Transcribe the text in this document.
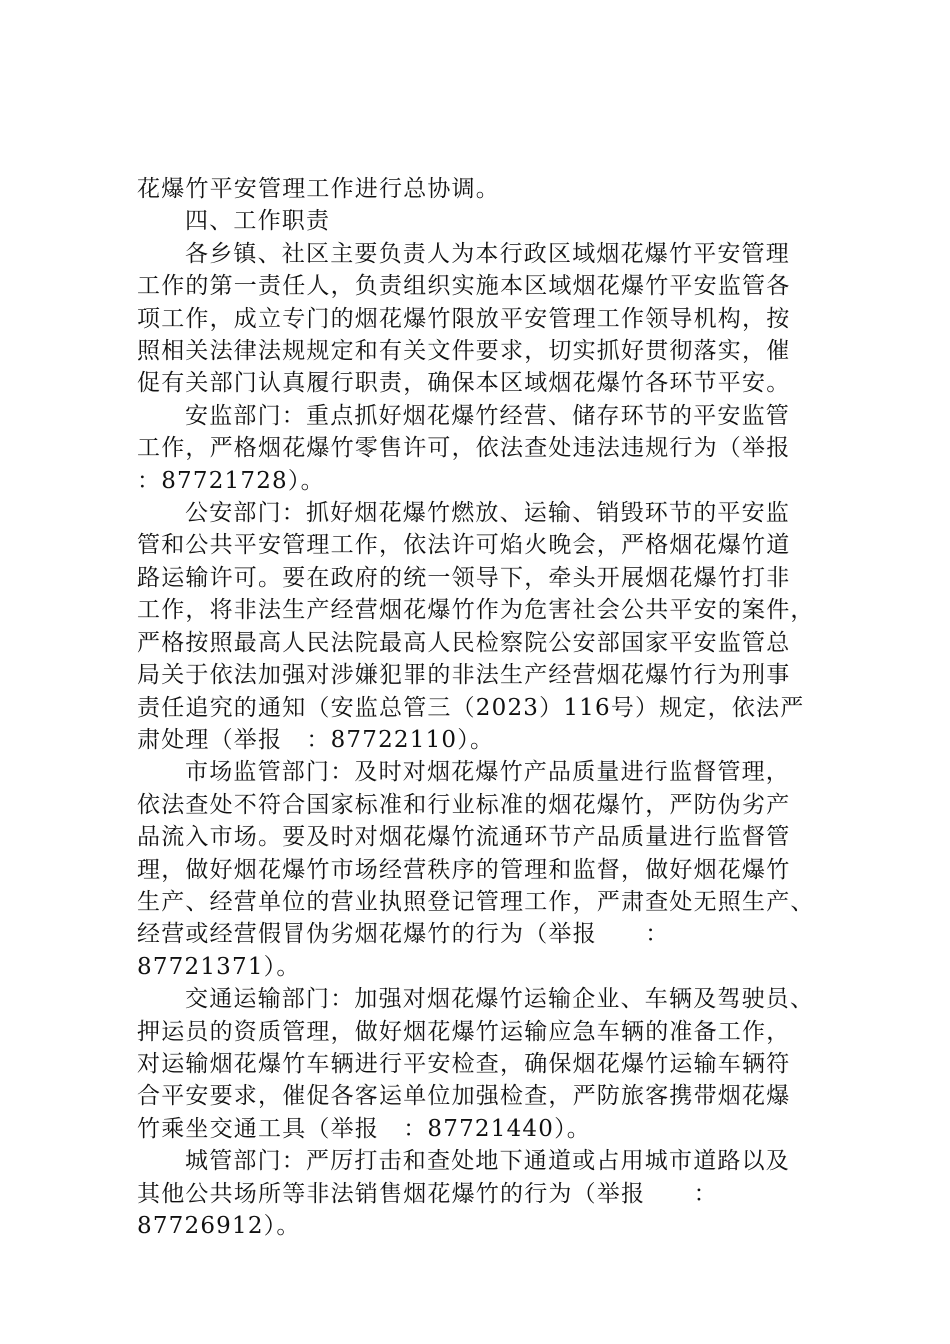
花爆竹平安管理工作进行总协调。

四、工作职责

各乡镇、社区主要负责人为本行政区域烟花爆竹平安管理
工作的第一责任人，负责组织实施本区域烟花爆竹平安监管各
项工作，成立专门的烟花爆竹限放平安管理工作领导机构，按
照相关法律法规规定和有关文件要求，切实抓好贯彻落实，催
促有关部门认真履行职责，确保本区域烟花爆竹各环节平安。

安监部门：重点抓好烟花爆竹经营、储存环节的平安监管
工作，严格烟花爆竹零售许可，依法查处违法违规行为（举报
：87721728）。

公安部门：抓好烟花爆竹燃放、运输、销毁环节的平安监
管和公共平安管理工作，依法许可焰火晚会，严格烟花爆竹道
路运输许可。要在政府的统一领导下，牵头开展烟花爆竹打非
工作，将非法生产经营烟花爆竹作为危害社会公共平安的案件，
严格按照最高人民法院最高人民检察院公安部国家平安监管总
局关于依法加强对涉嫌犯罪的非法生产经营烟花爆竹行为刑事
责任追究的通知（安监总管三（2023）116号）规定，依法严
肃处理（举报　：87722110）。

市场监管部门：及时对烟花爆竹产品质量进行监督管理，
依法查处不符合国家标准和行业标准的烟花爆竹，严防伪劣产
品流入市场。要及时对烟花爆竹流通环节产品质量进行监督管
理，做好烟花爆竹市场经营秩序的管理和监督，做好烟花爆竹
生产、经营单位的营业执照登记管理工作，严肃查处无照生产、
经营或经营假冒伪劣烟花爆竹的行为（举报　　：
87721371）。

交通运输部门：加强对烟花爆竹运输企业、车辆及驾驶员、
押运员的资质管理，做好烟花爆竹运输应急车辆的准备工作，
对运输烟花爆竹车辆进行平安检查，确保烟花爆竹运输车辆符
合平安要求，催促各客运单位加强检查，严防旅客携带烟花爆
竹乘坐交通工具（举报　：87721440）。

城管部门：严厉打击和查处地下通道或占用城市道路以及
其他公共场所等非法销售烟花爆竹的行为（举报　　：
87726912）。
